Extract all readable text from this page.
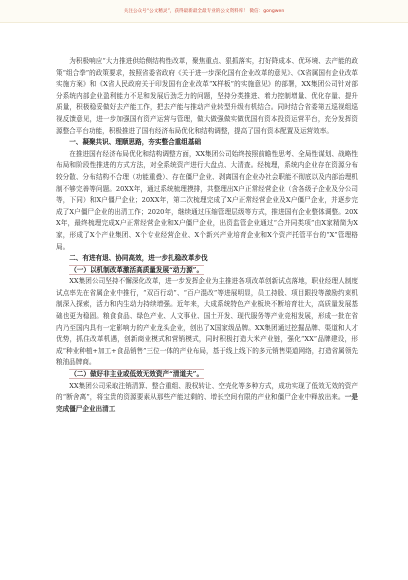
关注公众号“公文精灵”，获得最新最全最专业的公文资料库！ 微信：gongwen

为积极响应“大力推进供给侧结构性改革，聚焦重点、狠抓落实，打好降成本、优环境、去产能的政策“组合拳”的政策要求，按照省委省政府《关于进一步深化国有企业改革的意见》、《X省属国有企业改革实施方案》和《X省人民政府关于印发国有企业改革“X样板”的实施意见》的部署，XX集团公司针对部分系统内部企业盈利能力不足和发展后劲乏力的问题，坚持分类推进、着力控制增量、优化存量、提升质量，积极稳妥做好去产能工作，把去产能与推动产业转型升级有机结合。同时结合省委第五巡视组巡视反馈意见，进一步加强国有资产运营与管理，做大做强做实做优国有资本投资运营平台，充分发挥资源整合平台功能，积极推进了国有经济布局优化和结构调整，提高了国有资本配置及运营效率。

一、凝聚共识、理顺思路，夯实整合重组基础

在推进国有经济布局优化和结构调整方面，XX集团公司始终按照前瞻性思考、全局性谋划、战略性布局和阶段性推进的方式方法，对全系统资产进行大盘点、大清查。经梳理，系统内企业存在资源分布较分散、分布结构不合理（功能重叠）、存在僵尸企业、剥离国有企业办社会职能不彻底以及内部治理机制不够完善等问题。20XX年，通过系统梳理摸排，共整理出X户正常经营企业（含各级子企业及分公司等，下同）和X户僵尸企业；20XX年，第二次梳理完成了X户正常经营企业及X户僵尸企业，并逐步完成了X户僵尸企业的出清工作；2020年，继续通过压缩管理层级等方式，推进国有企业整体调整。20XX年，最终梳理完成X户正常经营企业和X户僵尸企业，出资监管企业通过“合并同类项”由X家精简为X家，形成了X个产业集团、X个专业经营企业、X个新兴产业培育企业和X个资产托管平台的“X”管理格局。

二、有进有退、协同高效，进一步扎稳改革步伐

（一）以机制改革激活高质量发展“动力源”。

XX集团公司坚持不懈深化改革，进一步发挥企业为主推进各项改革创新试点落地，职业经理人制度试点率先在省属企业中推行，“双百行动”、“百户混改”等进展明显，员工持股、项目跟投等激励约束机制深入探索，活力和内生动力持续增强。近年来，大成系统特色产业板块不断培育壮大，高质量发展基础也更为稳固。粮食食品、绿色产业、人文事业、国土开发、现代服务等产业竞相发展，形成一批在省内乃至国内具有一定影响力的产业龙头企业，创出了X国家级品牌。XX集团通过挖掘品牌、渠道和人才优势，抓住改革机遇，创新商业模式和营销模式，同时积极打造大米产业链，强化“XX”品牌建设，形成“种业种植+加工+食品销售”三位一体的产业布局，基于线上线下的多元销售渠道网络，打造省属领先粮油品牌商。

（二）做好非主业或低效无效资产“清道夫”。

XX集团公司采取注销清算、整合重组、股权转让、空壳化等多种方式，成功实现了低效无效的资产的“断舍离”，将宝贵的资源要素从那些产能过剩的、增长空间有限的产业和僵尸企业中释放出来。一是完成僵尸企业出清工
